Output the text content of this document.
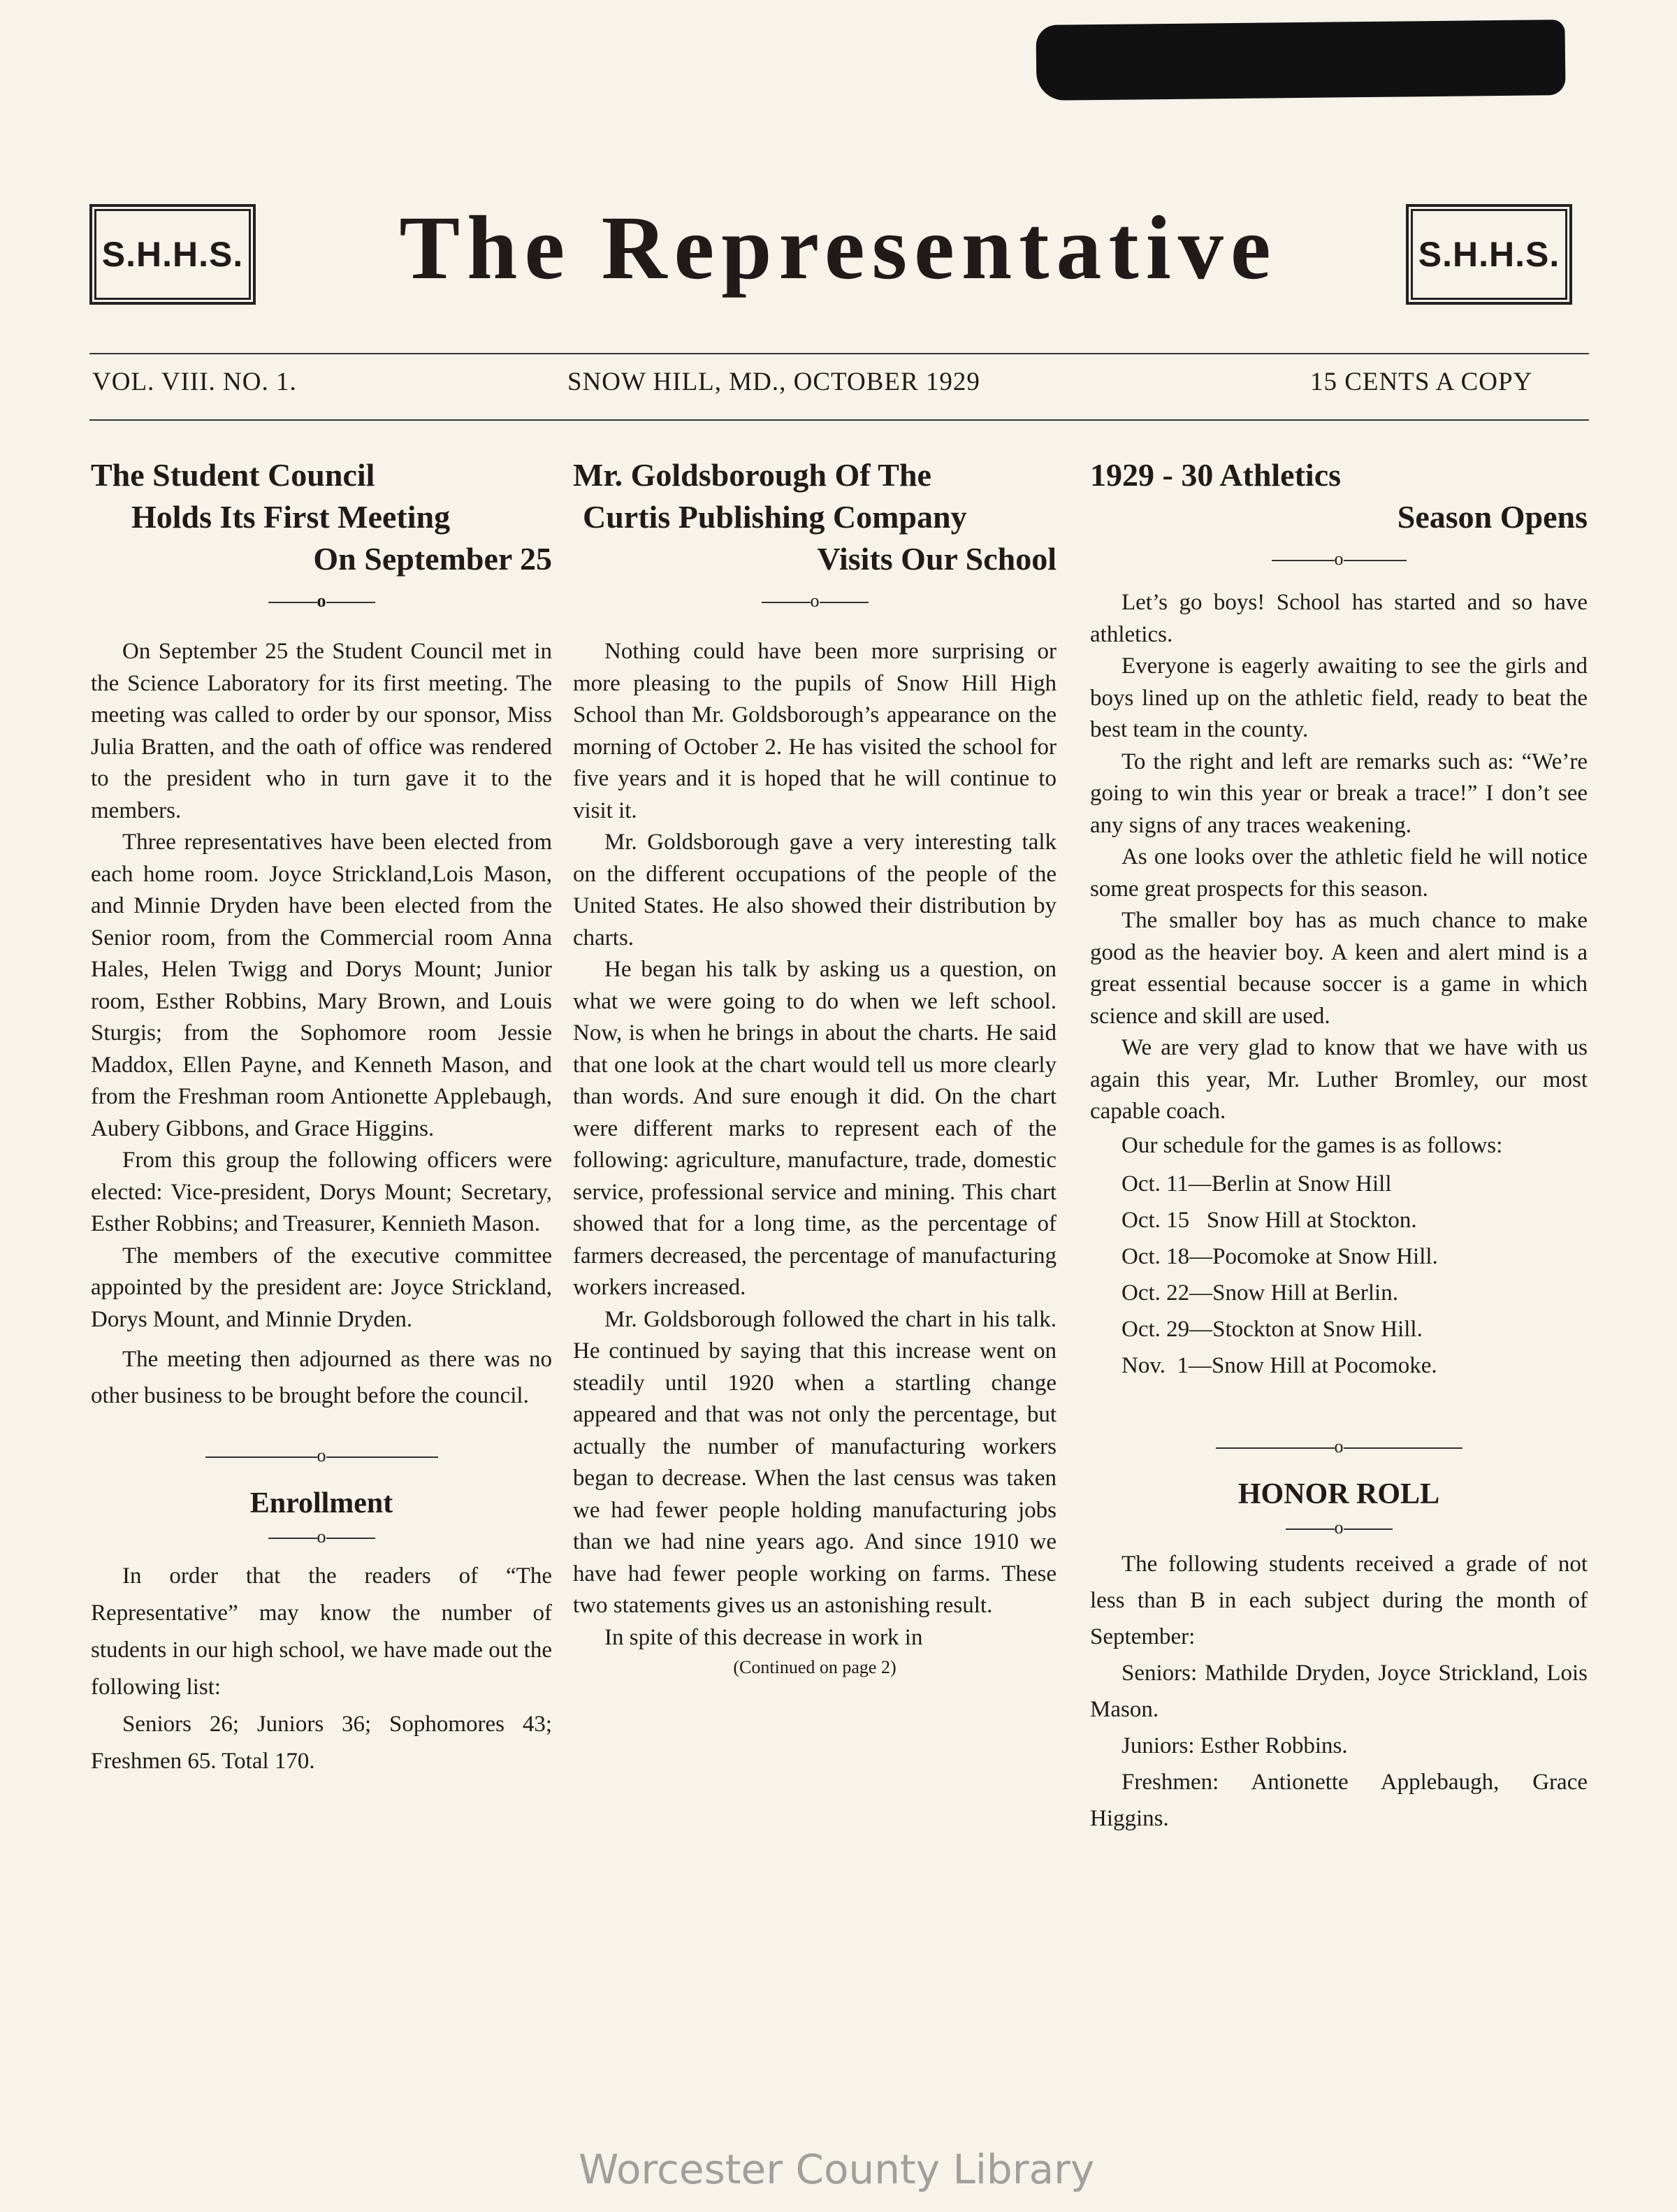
S.H.H.S.	The Representative	S.H.H.S.
VOL. VIII. NO. 1.	SNOW HILL, MD., OCTOBER 1929	15 CENTS A COPY
The Student Council
Holds Its First Meeting
On September 25
o

On September 25 the Student Council met in the Science Laboratory for its first meeting. The meeting was called to order by our sponsor, Miss Julia Bratten, and the oath of office was rendered to the president who in turn gave it to the members.

Three representatives have been elected from each home room. Joyce Strickland,Lois Mason, and Minnie Dryden have been elected from the Senior room, from the Commercial room Anna Hales, Helen Twigg and Dorys Mount; Junior room, Esther Robbins, Mary Brown, and Louis Sturgis; from the Sophomore room Jessie Maddox, Ellen Payne, and Kenneth Mason, and from the Freshman room Antionette Applebaugh, Aubery Gibbons, and Grace Higgins.

From this group the following officers were elected: Vice-president, Dorys Mount; Secretary, Esther Robbins; and Treasurer, Kennieth Mason.

The members of the executive committee appointed by the president are: Joyce Strickland, Dorys Mount, and Minnie Dryden.

The meeting then adjourned as there was no other business to be brought before the council.

o
Enrollment
o

In order that the readers of “The Representative” may know the number of students in our high school, we have made out the following list:

Seniors 26; Juniors 36; Sophomores 43; Freshmen 65. Total 170.

Mr. Goldsborough Of The
Curtis Publishing Company
Visits Our School
o

Nothing could have been more surprising or more pleasing to the pupils of Snow Hill High School than Mr. Goldsborough’s appearance on the morning of October 2. He has visited the school for five years and it is hoped that he will continue to visit it.

Mr. Goldsborough gave a very interesting talk on the different occupations of the people of the United States. He also showed their distribution by charts.

He began his talk by asking us a question, on what we were going to do when we left school. Now, is when he brings in about the charts. He said that one look at the chart would tell us more clearly than words. And sure enough it did. On the chart were different marks to represent each of the following: agriculture, manufacture, trade, domestic service, professional service and mining. This chart showed that for a long time, as the percentage of farmers decreased, the percentage of manufacturing workers increased.

Mr. Goldsborough followed the chart in his talk. He continued by saying that this increase went on steadily until 1920 when a startling change appeared and that was not only the percentage, but actually the number of manufacturing workers began to decrease. When the last census was taken we had fewer people holding manufacturing jobs than we had nine years ago. And since 1910 we have had fewer people working on farms. These two statements gives us an astonishing result.

In spite of this decrease in work in

(Continued on page 2)
1929 - 30 Athletics
Season Opens
o

Let’s go boys! School has started and so have athletics.

Everyone is eagerly awaiting to see the girls and boys lined up on the athletic field, ready to beat the best team in the county.

To the right and left are remarks such as: “We’re going to win this year or break a trace!” I don’t see any signs of any traces weakening.

As one looks over the athletic field he will notice some great prospects for this season.

The smaller boy has as much chance to make good as the heavier boy. A keen and alert mind is a great essential because soccer is a game in which science and skill are used.

We are very glad to know that we have with us again this year, Mr. Luther Bromley, our most capable coach.

Our schedule for the games is as follows:

Oct. 11—Berlin at Snow Hill
Oct. 15   Snow Hill at Stockton.
Oct. 18—Pocomoke at Snow Hill.
Oct. 22—Snow Hill at Berlin.
Oct. 29—Stockton at Snow Hill.
Nov.  1—Snow Hill at Pocomoke.
o
HONOR ROLL
o

The following students received a grade of not less than B in each subject during the month of September:

Seniors: Mathilde Dryden, Joyce Strickland, Lois Mason.

Juniors: Esther Robbins.

Freshmen: Antionette Applebaugh, Grace Higgins.

Worcester County Library
